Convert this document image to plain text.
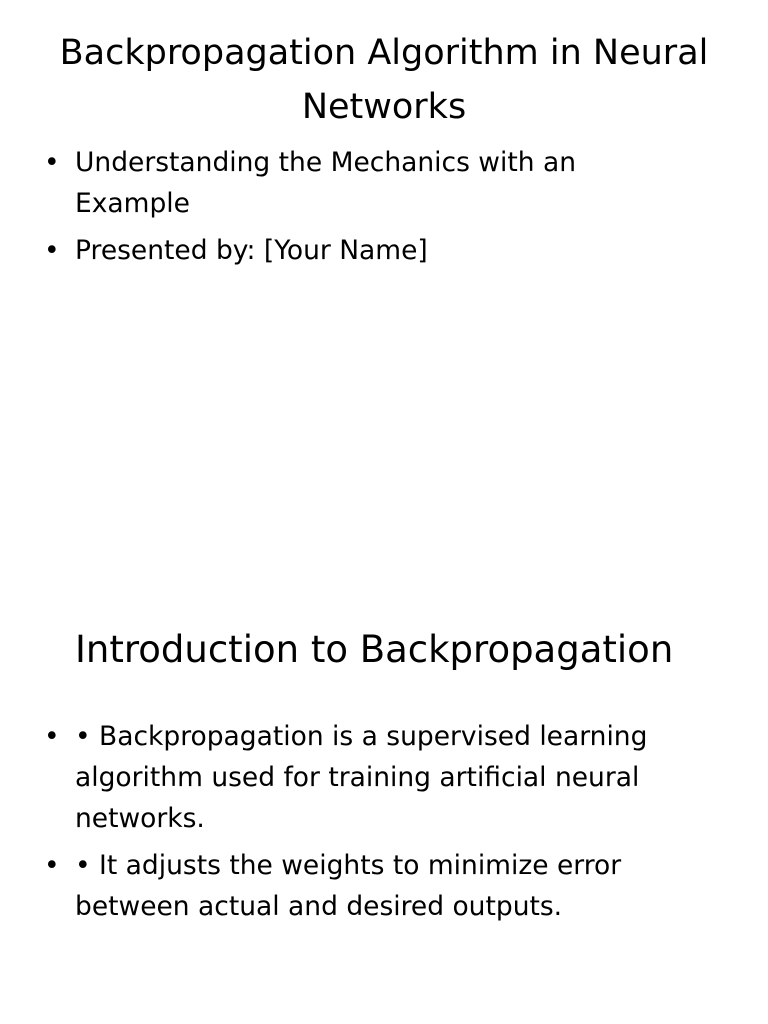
Backpropagation Algorithm in Neural Networks
• Understanding the Mechanics with an Example
• Presented by: [Your Name]
Introduction to Backpropagation
• • Backpropagation is a supervised learning algorithm used for training artificial neural networks.
• • It adjusts the weights to minimize error between actual and desired outputs.
